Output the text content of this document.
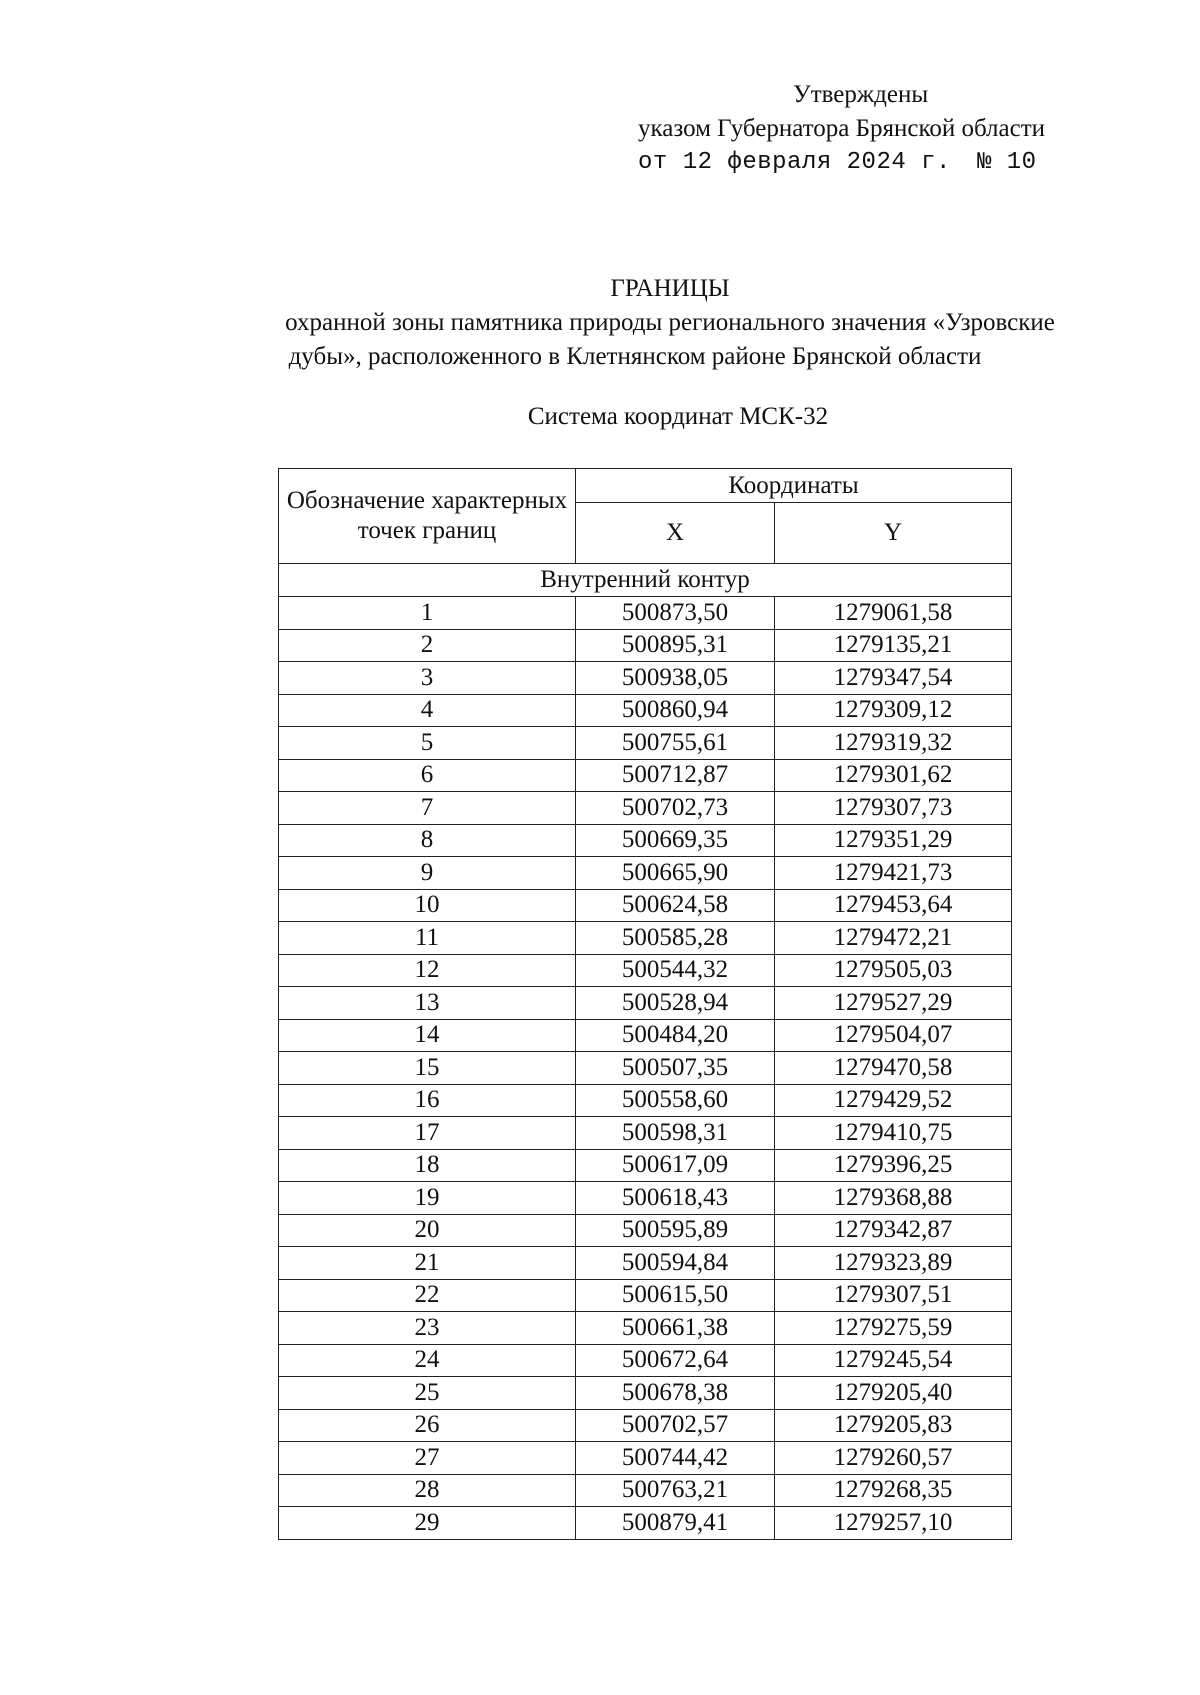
Утверждены
указом Губернатора Брянской области
от 12 февраля 2024 г. № 10
ГРАНИЦЫ
охранной зоны памятника природы регионального значения «Узровские
дубы», расположенного в Клетнянском районе Брянской области
Система координат МСК-32
Обозначение характерных точек границ	Координаты	
	X	Y
Внутренний контур		
1	500873,50	1279061,58
2	500895,31	1279135,21
3	500938,05	1279347,54
4	500860,94	1279309,12
5	500755,61	1279319,32
6	500712,87	1279301,62
7	500702,73	1279307,73
8	500669,35	1279351,29
9	500665,90	1279421,73
10	500624,58	1279453,64
11	500585,28	1279472,21
12	500544,32	1279505,03
13	500528,94	1279527,29
14	500484,20	1279504,07
15	500507,35	1279470,58
16	500558,60	1279429,52
17	500598,31	1279410,75
18	500617,09	1279396,25
19	500618,43	1279368,88
20	500595,89	1279342,87
21	500594,84	1279323,89
22	500615,50	1279307,51
23	500661,38	1279275,59
24	500672,64	1279245,54
25	500678,38	1279205,40
26	500702,57	1279205,83
27	500744,42	1279260,57
28	500763,21	1279268,35
29	500879,41	1279257,10
